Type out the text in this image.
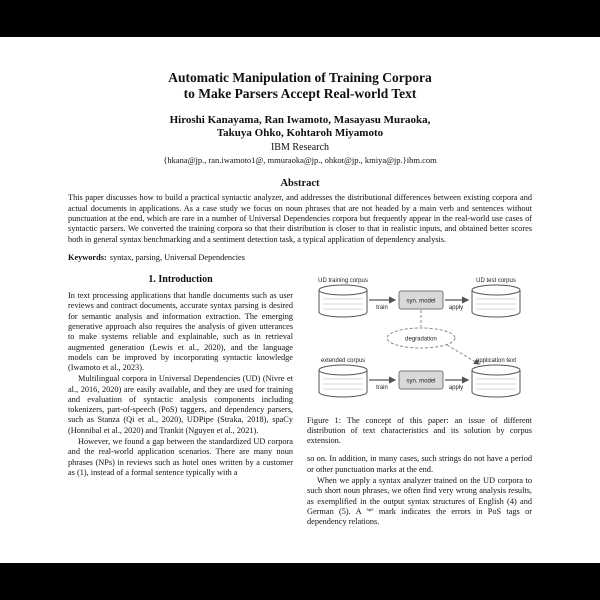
Automatic Manipulation of Training Corpora
to Make Parsers Accept Real-world Text
Hiroshi Kanayama, Ran Iwamoto, Masayasu Muraoka,
Takuya Ohko, Kohtaroh Miyamoto
IBM Research
{hkana@jp., ran.iwamoto1@, mmuraoka@jp., ohkot@jp., kmiya@jp.}ibm.com
Abstract
This paper discusses how to build a practical syntactic analyzer, and addresses the distributional differences between existing corpora and actual documents in applications. As a case study we focus on noun phrases that are not headed by a main verb and sentences without punctuation at the end, which are rare in a number of Universal Dependencies corpora but frequently appear in the real-world use cases of syntactic parsers. We converted the training corpora so that their distribution is closer to that in realistic inputs, and obtained better scores both in general syntax benchmarking and a sentiment detection task, a typical application of dependency analysis.
Keywords: syntax, parsing, Universal Dependencies
1. Introduction

In text processing applications that handle documents such as user reviews and contract documents, accurate syntax parsing is desired for semantic analysis and information extraction. The emerging generative approach also requires the analysis of given utterances to make systems reliable and explainable, such as in retrieval augmented generation (Lewis et al., 2020), and the language models can be improved by incorporating syntactic knowledge (Iwamoto et al., 2023).

Multilingual corpora in Universal Dependencies (UD) (Nivre et al., 2016, 2020) are easily available, and they are used for training and evaluation of syntactic analysis components including tokenizers, part-of-speech (PoS) taggers, and dependency parsers, such as Stanza (Qi et al., 2020), UDPipe (Straka, 2018), spaCy (Honnibal et al., 2020) and Trankit (Nguyen et al., 2021).

However, we found a gap between the standardized UD corpora and the real-world application scenarios. There are many noun phrases (NPs) in reviews such as hotel ones written by a customer as (1), instead of a formal sentence typically with a

UD training corpus	UD test corpus
syn. model
train	apply
degradation
extended corpus	application text
syn. model
train	apply

Figure 1: The concept of this paper: an issue of different distribution of text characteristics and its solution by corpus extension.

so on. In addition, in many cases, such strings do not have a period or other punctuation marks at the end.

When we apply a syntax analyzer trained on the UD corpora to such short noun phrases, we often find very wrong analysis results, as exemplified in the output syntax structures of English (4) and German (5). A '*' mark indicates the errors in PoS tags or dependency relations.
